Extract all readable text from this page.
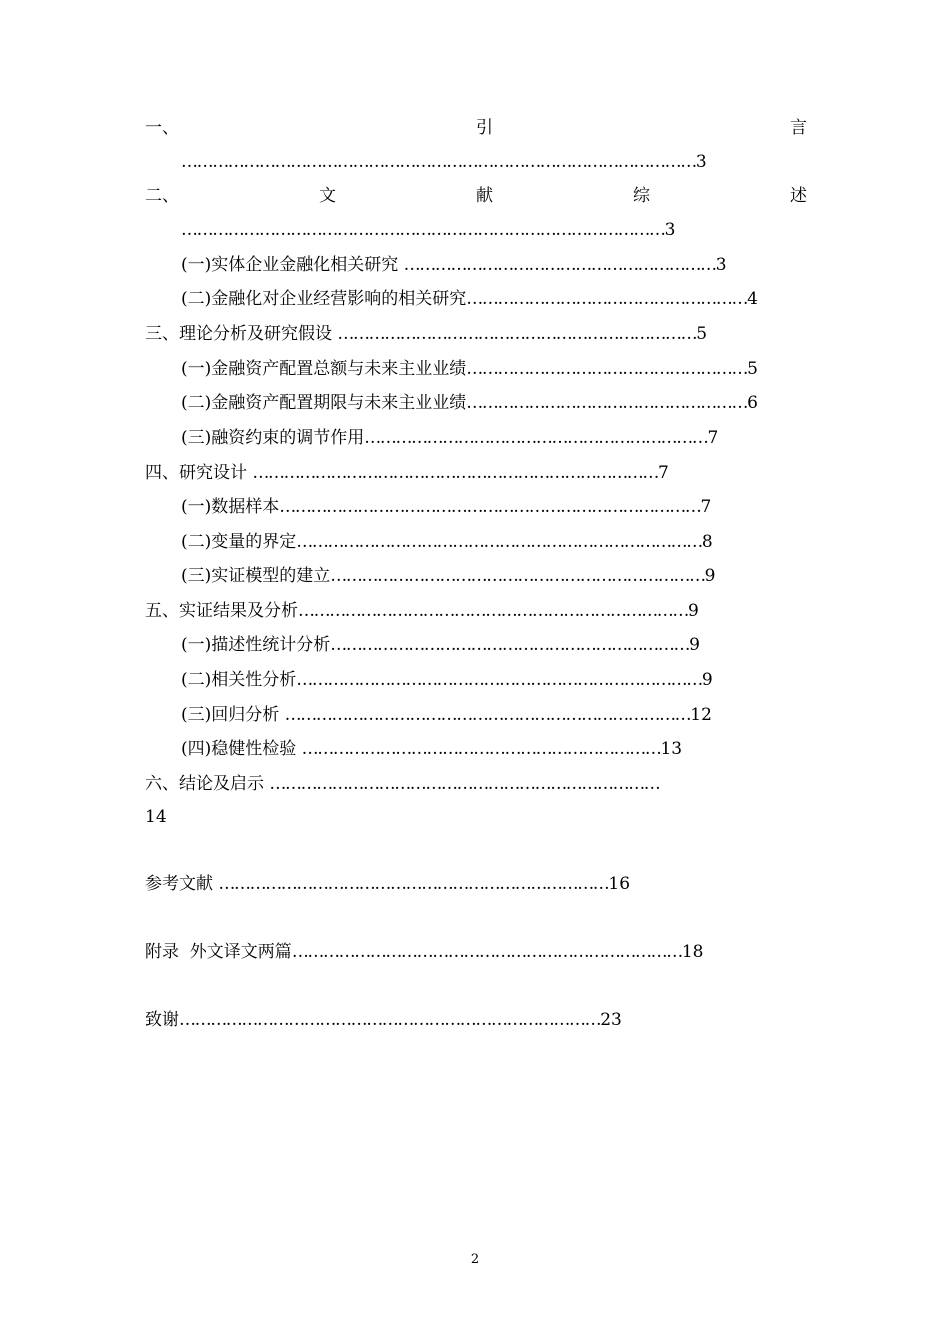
一、	引	言
………………………………………………………………………………………3
二、	文	献	综	述
…………………………………………………………………………………3
(一)实体企业金融化相关研究 ……………………………………………………3
(二)金融化对企业经营影响的相关研究………………………………………………4
三、理论分析及研究假设 ……………………………………………………………5
(一)金融资产配置总额与未来主业业绩………………………………………………5
(二)金融资产配置期限与未来主业业绩………………………………………………6
(三)融资约束的调节作用…………………………………………………………7
四、研究设计 ……………………………………………………………………7
(一)数据样本………………………………………………………………………7
(二)变量的界定……………………………………………………………………8
(三)实证模型的建立………………………………………………………………9
五、实证结果及分析…………………………………………………………………9
(一)描述性统计分析……………………………………………………………9
(二)相关性分析……………………………………………………………………9
(三)回归分析 ……………………………………………………………………12
(四)稳健性检验 ……………………………………………………………13
六、结论及启示 …………………………………………………………………
14
参考文献 …………………………………………………………………16
附录  外文译文两篇…………………………………………………………………18
致谢………………………………………………………………………23
2
